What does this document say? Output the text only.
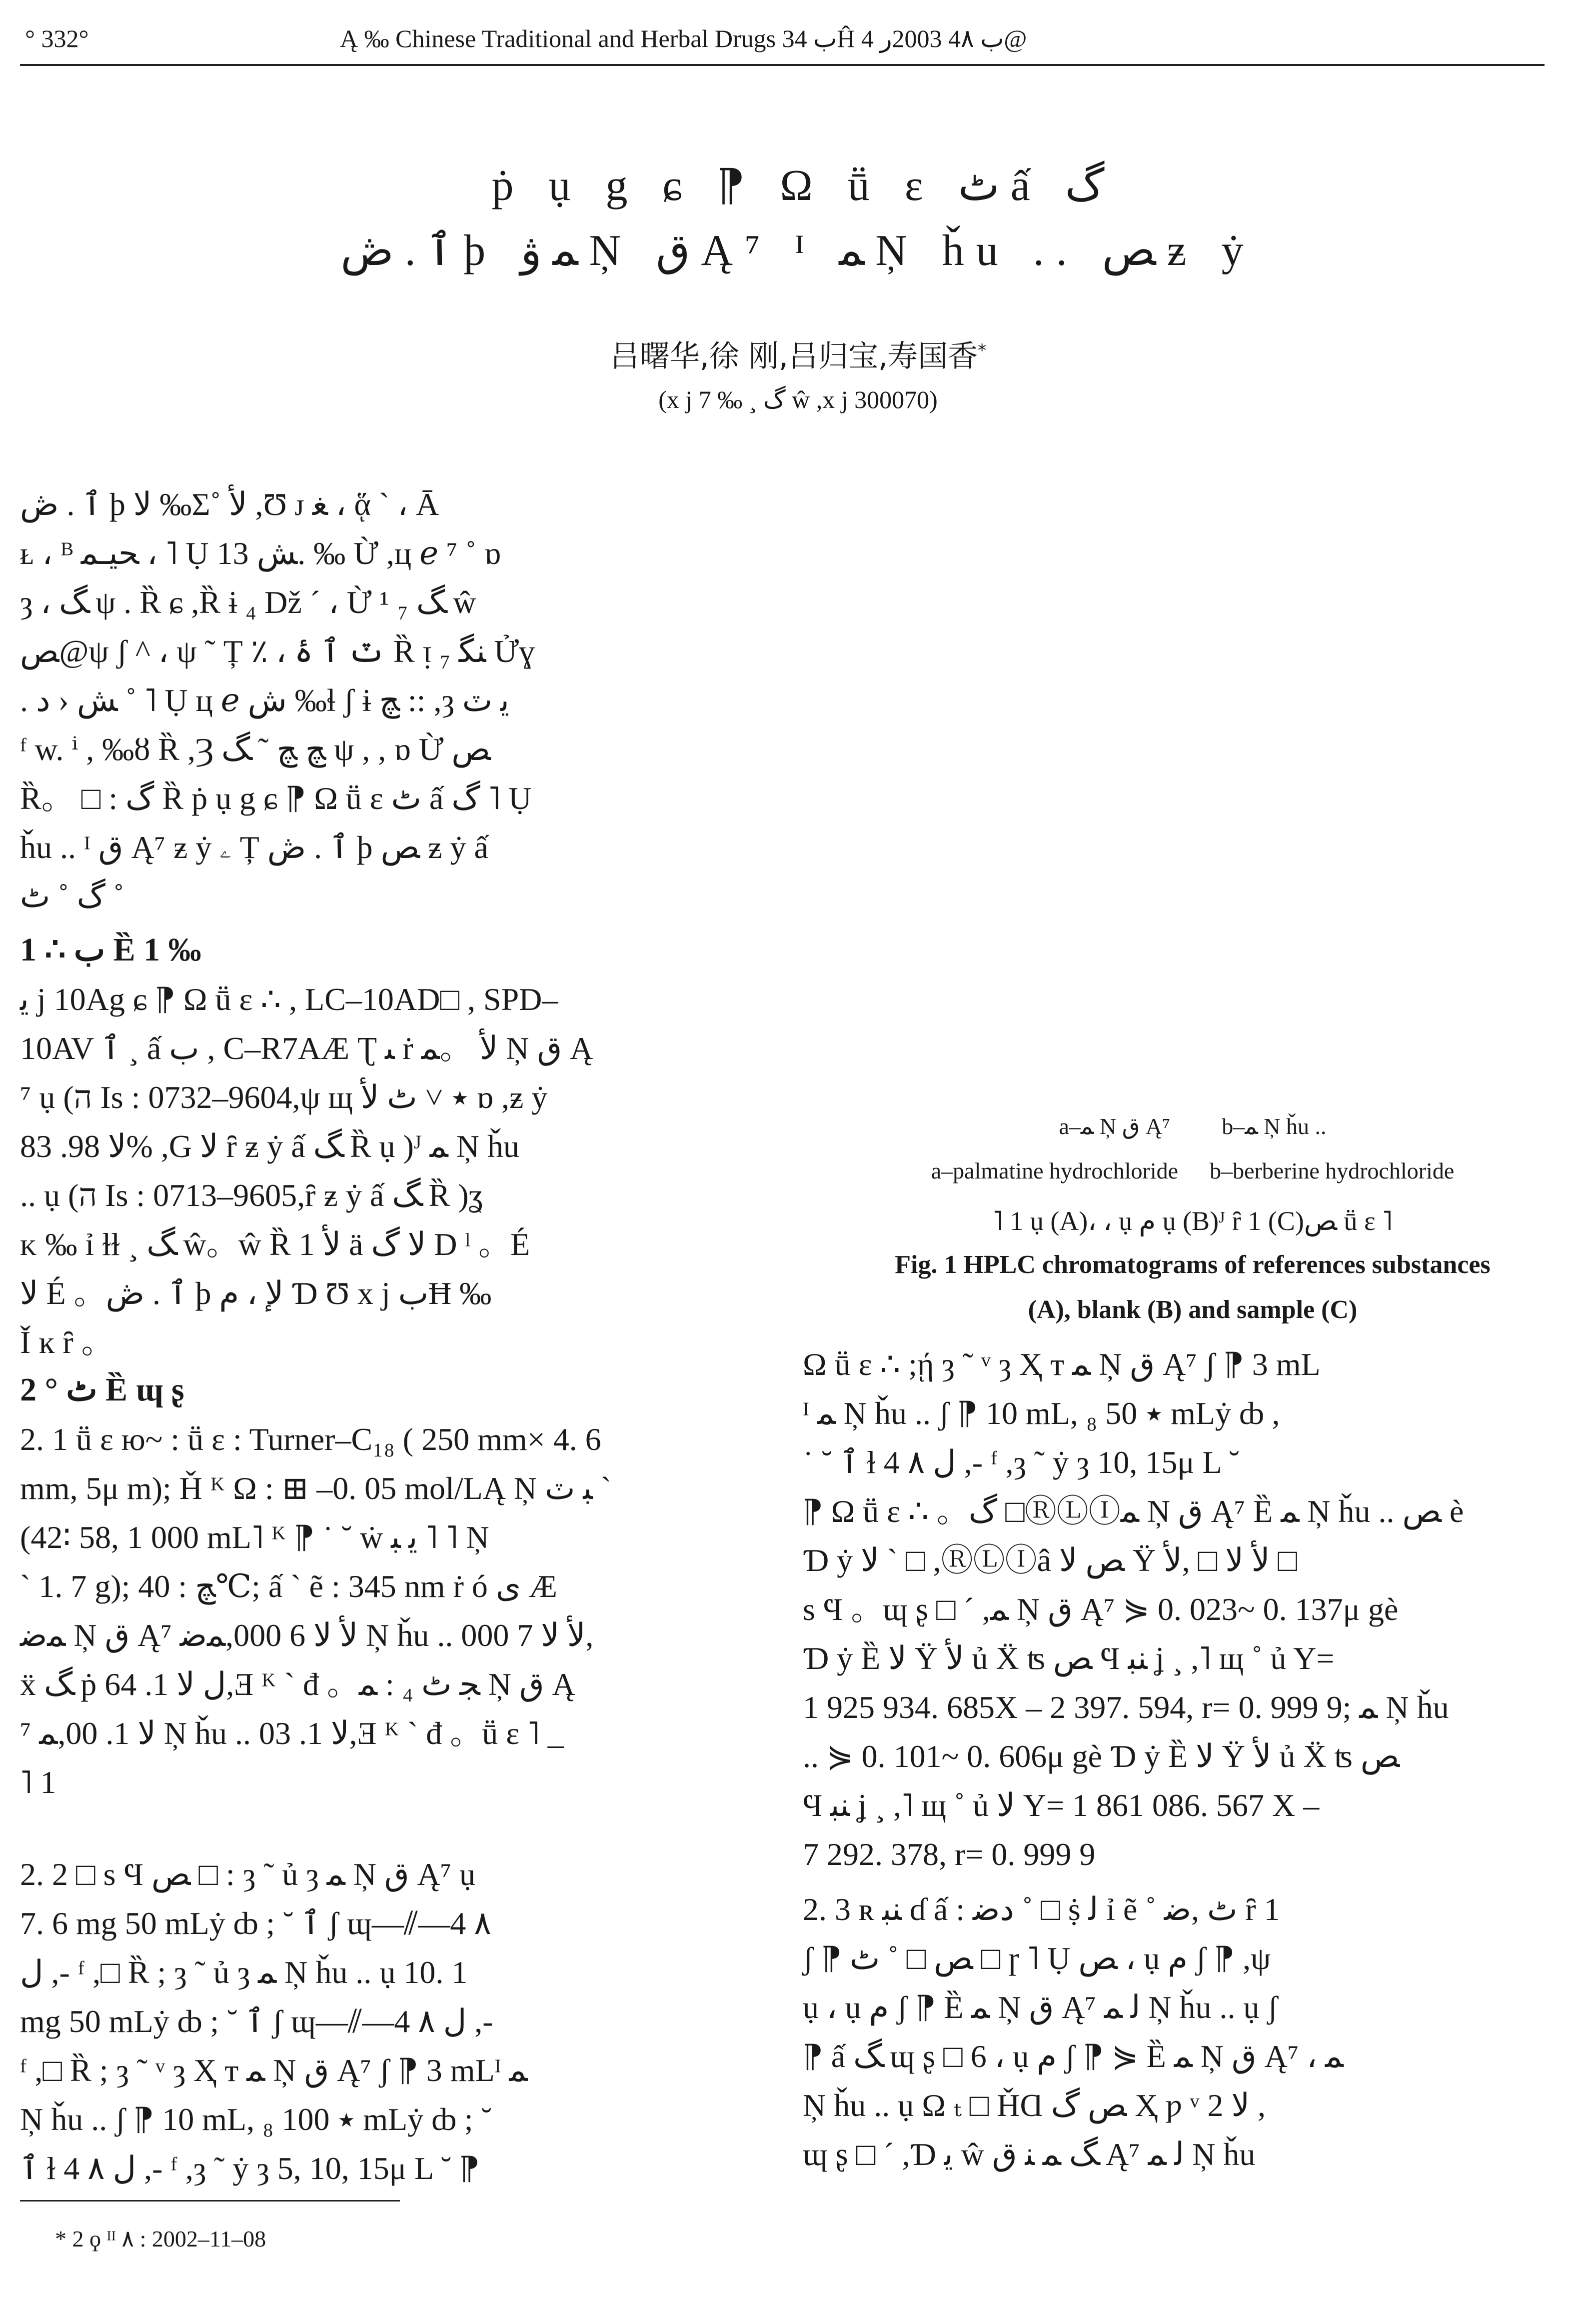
° 332°	Ą ‰ Chinese Traditional and Herbal Drugs ب 34Ĥ ب 4۸ 2003ر 4@
ṗ ụ g ɕ ⁋ Ω ṻ ɛ ٹ ấ گ
ٱ . ڞ þ ﻤ ﯞ Ņ ﻕ Ą⁷ ᴵ ﻤ Ņ ȟu .. ﺺ ƶ ẏ
吕曙华,徐 刚,吕归宝,寿国香*
(x j 7 ‰ ¸ گ ŵ ,x j 300070)
ٱ . ڞ þ ﻻ ‰Σ˚ ﻷ ,Ʊ ᴊ ﻐ ، ᾅ ˋ ، Ā
ᴌ ، ᴮ ﺤﻴـﻤ ، ˥ Ụ ﺶ 13. ‰ Ừ ,ц ℯ ⁷ ˚ ɒ
ȝ ، ﮓ ψ . Ȑ ɕ ,Ȑ ɨ ₄ Dž ´ ، Ừ ¹ ₇ ﮓ ŵ
ﺺ@ψ ʃ ^ ، ψ ˜ Ț ٪ ، ٽ ٱ ۂ Ȑ ᴉ ₇ ﻨﮕ Ửɣ
. ﺶ ‹ ﺩ ˚ ˥ Ụ ц ℯ ﺵ ‰ɬ ʃ ɨ ﭻ :: ,ȝ ﻳ ٽ
ᶠ w. ⁱ , ‰ȣ Ȑ ,Ȝ ﭻ ﭻ ˜ ﮓ ψ , , ɒ Ừ ﺺ
Ȑ。 □ : ﮒ Ȑ ṗ ụ g ɕ ⁋ Ω ṻ ɛ ٹ ấ گ ˥ Ụ
ȟu .. ᴵ ﻕ Ą⁷ ƶ ẏ ۦ Ț ٱ . ڞ þ ﺺ ƶ ẏ ấ
گ ˚ ٹ ˚
1 ∴ ب Ȅ 1 ‰
ﯾ j 10Ag ɕ ⁋ Ω ṻ ɛ ∴ , LC–10AD□ , SPD–
10AV ٱ ¸ ấ ب , C–R7AÆ Ʈ ﯩ ṙ ﻷ 。ﻤ Ņ ﻕ Ą
⁷ ụ (ה Is : 0732–9604,ψ щ ٭ ˅ ٹ ﻷ ɒ ,ƶ ẏ
ﻻ 98. 83% ,G ﻻ ȓ ƶ ẏ ấ ﮓ Ȑ ụ )ᴶ ﻤ Ņ ȟu
.. ụ (ה Is : 0713–9605,ȓ ƶ ẏ ấ ﮓ Ȑ )ʓ
ᴋ ‰ ỉ ɫɫ ¸ ﮓ ŵ。ŵ Ȑ 1 ﻷ ä ﻻ ﮒ D ˡ 。É
ﻻ É 。ٱ . ڞ þ ﻹ ، ﻡ Ɗ Ʊ x j ﺏĦ ‰
Ǐ ĸ ȓ 。
2 ° ٹ Ȅ ɰ ʂ
2. 1 ṻ ɛ ю~ : ṻ ɛ : Turner–C₁₈ ( 250 mm× 4. 6
mm, 5μ m); Ȟ ᴷ Ω : ⊞ –0. 05 mol/LĄ Ņ ﺒ ٽ ˋ
(42∶ 58, 1 000 mL˥ ᴷ ⁋ ˙ ˘ ẇ ﯾ ﺒ ˥ ˥ Ņ
ˋ 1. 7 g); ﭻ : 40℃; ấ ˋ ẽ : 345 nm ṙ ó ﯼ Æ
ﻤﺿ Ņ ﻕ Ą⁷ ﻷ ﻻ 6 000,ﻤﺿ Ņ ȟu .. ﻷ ﻻ 7 000,
ẍ ﮓ ṗ ﻝ ﻻ 1. 64,Ǝ ᴷ ˋ đ 。ﺠ ٹ ₄ : ﻤ Ņ ﻕ Ą
⁷ ﻻ 1. 00,ﻤ Ņ ȟu .. ﻻ 1. 03,Ǝ ᴷ ˋ đ 。ṻ ɛ ˥ _
˥ 1
2. 2 □ s Ϥ ﺺ □ : ȝ ˜ ủ ȝ ﻤ Ņ ﻕ Ą⁷ ụ
7. 6 mg 50 mLẏ ȸ ; ˘ ٱ ʃ ɰ—⫽—4 ۸
ﻝ ,- ᶠ ,□ Ȑ ; ȝ ˜ ủ ȝ ﻤ Ņ ȟu .. ụ 10. 1
mg 50 mLẏ ȸ ; ˘ ٱ ʃ ɰ—⫽—4 ۸ ﻝ ,-
ᶠ ,□ Ȑ ; ȝ ˜ ᵛ ȝ Ҳ т ﻤ Ņ ﻕ Ą⁷ ʃ ⁋ 3 mLᴵ ﻤ
Ņ ȟu .. ʃ ⁋ 10 mL, ₈ ٭ 100 mLẏ ȸ ; ˘
ٱ ɫ 4 ۸ ﻝ ,- ᶠ ,ȝ ˜ ẏ ȝ 5, 10, 15μ L ˘ ⁋
a–ﻤ Ņ ﻕ Ą⁷ b–ﻤ Ņ ȟu ..
a–palmatine hydrochloride b–berberine hydrochloride
˥ 1 ụ (A)، ، ụ ﻡ ụ (B)ᴶ ȓ 1 (C)ﺺ ṻ ɛ ˥
Fig. 1 HPLC chromatograms of references substances
(A), blank (B) and sample (C)
Ω ṻ ɛ ∴ ;ῄ ȝ ˜ ᵛ ȝ Ҳ т ﻤ Ņ ﻕ Ą⁷ ʃ ⁋ 3 mL
ᴵ ﻤ Ņ ȟu .. ʃ ⁋ 10 mL, ₈ ٭ 50 mLẏ ȸ ,
˙ ˘ ٱ ɫ 4 ۸ ﻝ ,- ᶠ ,ȝ ˜ ẏ ȝ 10, 15μ L ˘
⁋ Ω ṻ ɛ ∴ 。ﮒ □ⓇⓁⒾﻤ Ņ ﻕ Ą⁷ Ȅ ﻤ Ņ ȟu .. ﺺ è
Ɗ ẏ ﻻ ˋ □ ,ⓇⓁⒾâ ﺺ ﻻ Ÿ ﻷ ﻻ □ ,ﻷ □
s Ϥ 。ɰ ʂ □ ´ ,ﻤ Ņ ﻕ Ą⁷ ⋟ 0. 023~ 0. 137μ gè
Ɗ ẏ Ȅ ﻻ Ÿ ﻷ ủ Ẍ ʦ ﺺ Ϥ ﻨﺒ ʝ ¸ ,˥ щ ˚ ủ Y=
1 925 934. 685X – 2 397. 594, r= 0. 999 9; ﻤ Ņ ȟu
.. ⋟ 0. 101~ 0. 606μ gè Ɗ ẏ Ȅ ﻻ Ÿ ﻷ ủ Ẍ ʦ ﺺ
Ϥ ﻨﺒ ʝ ¸ ,˥ щ ˚ ủ ﻻ Y= 1 861 086. 567 X –
7 292. 378, r= 0. 999 9
2. 3 ʀ ﻨﺒ ɗ ấ : ﺩﺿ ˚ □ ṩ ﻟ ỉ ẽ ˚ ٹ ,ﺿ ȓ 1
ʃ ⁋ ﺺ □ ˚ ٹ □ ɼ ˥ Ụ ﺺ ، ụ ﻡ ʃ ⁋ ,ψ
ụ ، ụ ﻡ ʃ ⁋ Ȅ ﻤ Ņ ﻕ Ą⁷ ﻟ ﻤ Ņ ȟu .. ụ ʃ
⁋ ấ ﮓ ɰ ʂ □ 6 ، ụ ﻡ ʃ ⁋ ⋟ Ȅ ﻤ Ņ ﻕ Ą⁷ ، ﻤ
Ņ ȟu .. ụ Ω ₜ □ ȞⱭ ﺺ ﮒ Ҳ ƿ ᵛ 2 ﻻ ,
ɰ ʂ □ ´ ,Ɗ ﻳ ŵ ﮓ ﻤ ﻨ ﻕ Ą⁷ ﻟ ﻤ Ņ ȟu
* 2 ϙ ᴵᴵ ۸ : 2002–11–08
